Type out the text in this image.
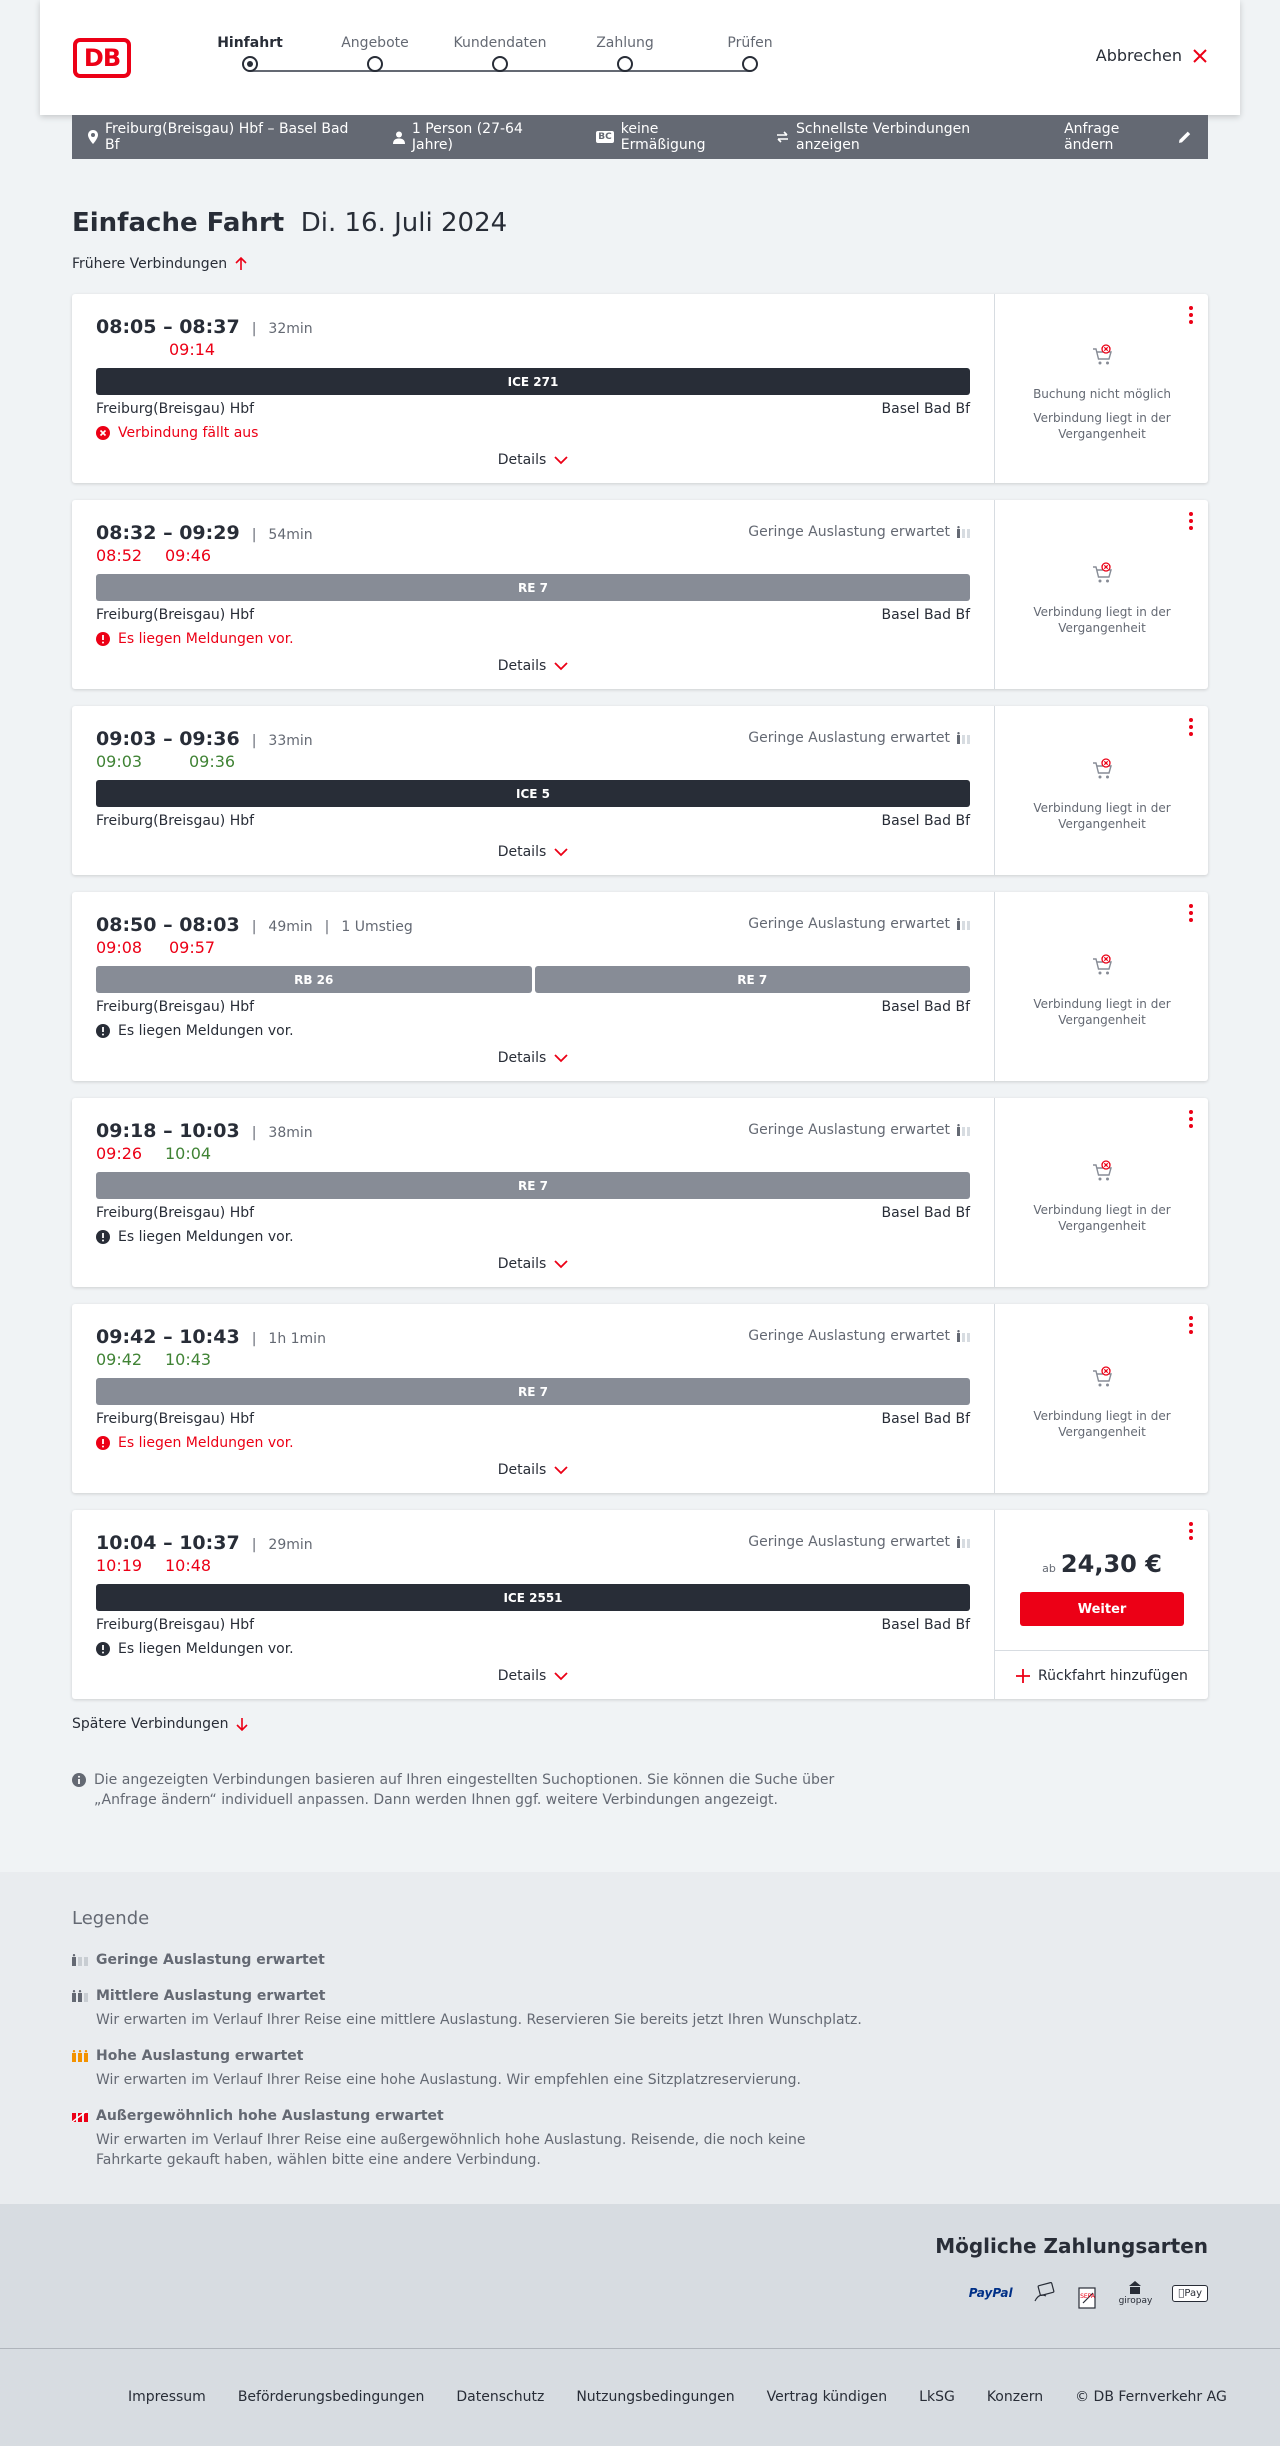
DB
Hinfahrt	Angebote	Kundendaten	Zahlung	Prüfen
Abbrechen
Freiburg(Breisgau) Hbf – Basel Bad Bf
1 Person (27-64 Jahre)	BC keine Ermäßigung
Schnellste Verbindungen anzeigen
Anfrage ändern
Einfache Fahrt Di. 16. Juli 2024
Frühere Verbindungen
08:05 – 08:37 | 32min
09:14
ICE 271
Freiburg(Breisgau) Hbf	Basel Bad Bf
Verbindung fällt aus
Details
Buchung nicht möglich
Verbindung liegt in der Vergangenheit
08:32 – 09:29 | 54min	Geringe Auslastung erwartet
08:52 09:46
RE 7
Freiburg(Breisgau) Hbf	Basel Bad Bf
Es liegen Meldungen vor.
Details
Verbindung liegt in der Vergangenheit
09:03 – 09:36 | 33min	Geringe Auslastung erwartet
09:03	09:36
ICE 5
Freiburg(Breisgau) Hbf	Basel Bad Bf
Details
Verbindung liegt in der Vergangenheit
08:50 – 08:03 | 49min | 1 Umstieg	Geringe Auslastung erwartet
09:08 09:57
RB 26	RE 7
Freiburg(Breisgau) Hbf	Basel Bad Bf
Es liegen Meldungen vor.
Details
Verbindung liegt in der Vergangenheit
09:18 – 10:03 | 38min	Geringe Auslastung erwartet
09:26 10:04
RE 7
Freiburg(Breisgau) Hbf	Basel Bad Bf
Es liegen Meldungen vor.
Details
Verbindung liegt in der Vergangenheit
09:42 – 10:43 | 1h 1min	Geringe Auslastung erwartet
09:42 10:43
RE 7
Freiburg(Breisgau) Hbf	Basel Bad Bf
Es liegen Meldungen vor.
Details
Verbindung liegt in der Vergangenheit
10:04 – 10:37 | 29min	Geringe Auslastung erwartet
10:19 10:48
ICE 2551
Freiburg(Breisgau) Hbf	Basel Bad Bf
Es liegen Meldungen vor.
Details
ab 24,30 €
Weiter
Rückfahrt hinzufügen
Spätere Verbindungen
Die angezeigten Verbindungen basieren auf Ihren eingestellten Suchoptionen. Sie können die Suche über „Anfrage ändern“ individuell anpassen. Dann werden Ihnen ggf. weitere Verbindungen angezeigt.
Legende
Geringe Auslastung erwartet
Mittlere Auslastung erwartet
Wir erwarten im Verlauf Ihrer Reise eine mittlere Auslastung. Reservieren Sie bereits jetzt Ihren Wunschplatz.
Hohe Auslastung erwartet
Wir erwarten im Verlauf Ihrer Reise eine hohe Auslastung. Wir empfehlen eine Sitzplatzreservierung.
Außergewöhnlich hohe Auslastung erwartet
Wir erwarten im Verlauf Ihrer Reise eine außergewöhnlich hohe Auslastung. Reisende, die noch keine Fahrkarte gekauft haben, wählen bitte eine andere Verbindung.
Mögliche Zahlungsarten
PayPal	SEPA	giropay
Pay
Impressum Beförderungsbedingungen Datenschutz Nutzungsbedingungen Vertrag kündigen LkSG Konzern © DB Fernverkehr AG
